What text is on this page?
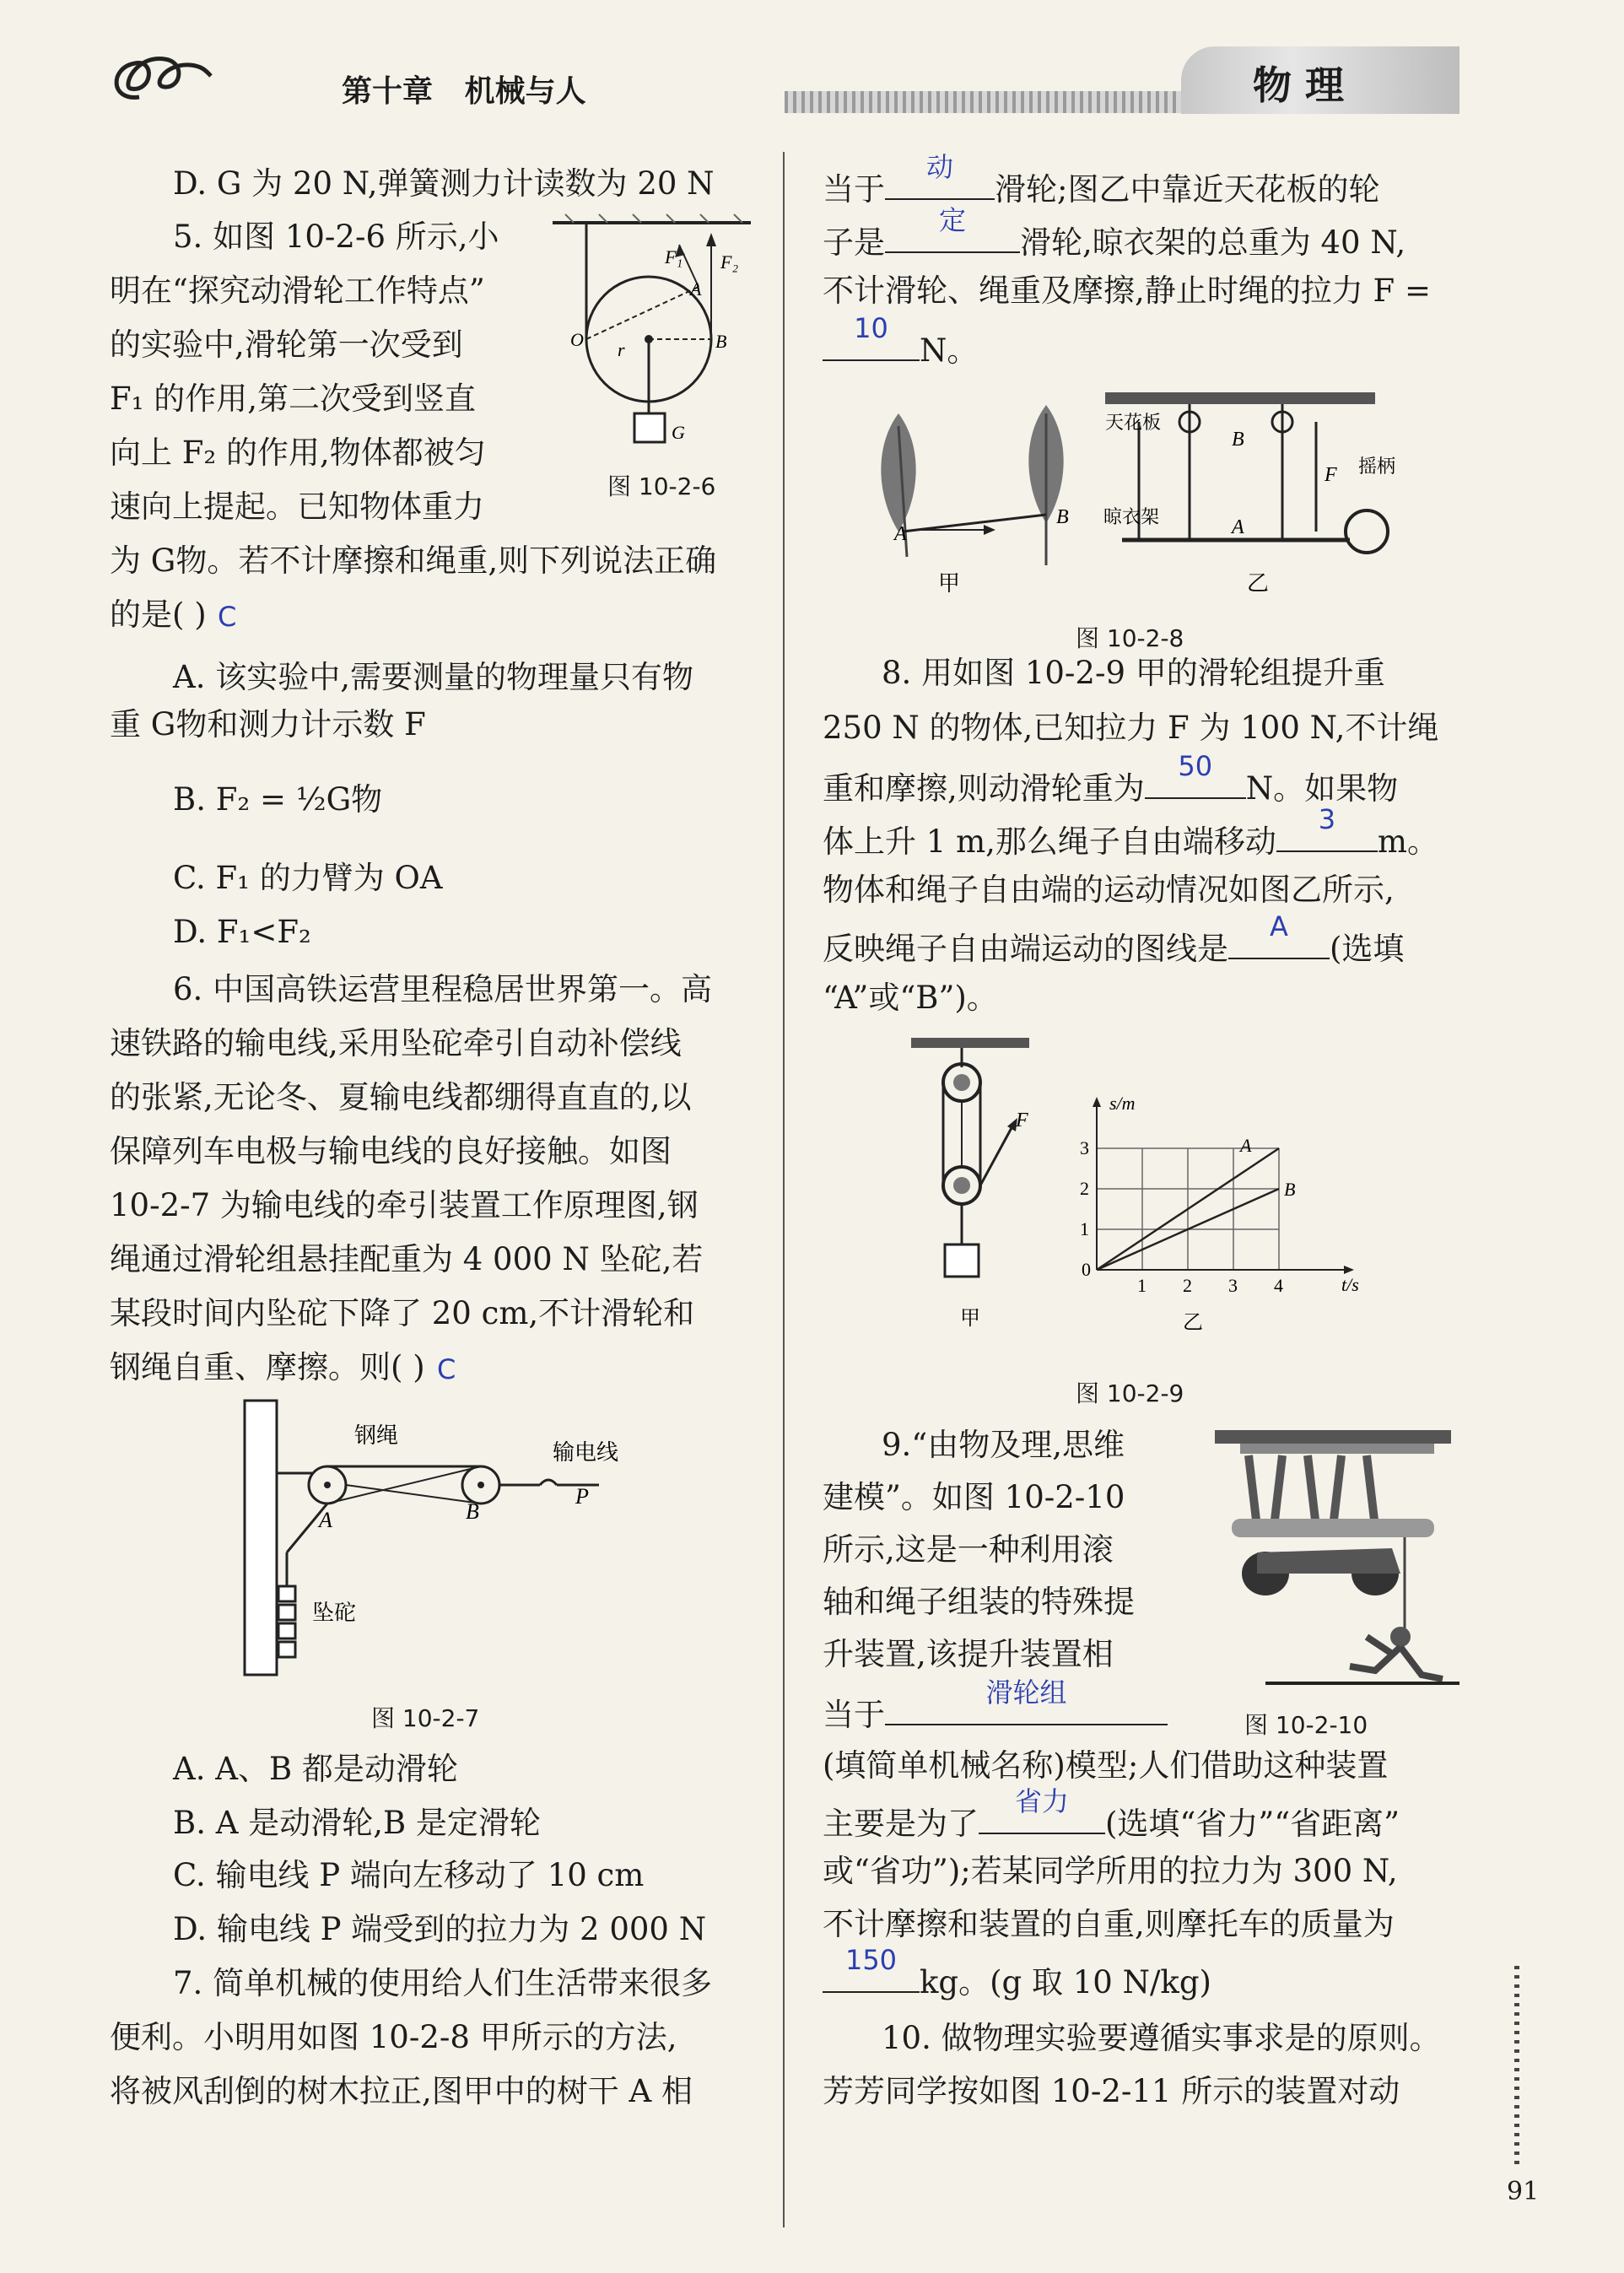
第十章 机械与人	物 理
D. G 为 20 N,弹簧测力计读数为 20 N
5. 如图 10-2-6 所示,小
明在“探究动滑轮工作特点”
的实验中,滑轮第一次受到
F₁ 的作用,第二次受到竖直
向上 F₂ 的作用,物体都被匀
速向上提起。已知物体重力
为 G物。若不计摩擦和绳重,则下列说法正确
的是( ) C
F₁ F₂
A
O r	B
G
图 10-2-6
A. 该实验中,需要测量的物理量只有物
重 G物和测力计示数 F
B. F₂ = ½G物
C. F₁ 的力臂为 OA
D. F₁<F₂
6. 中国高铁运营里程稳居世界第一。高
速铁路的输电线,采用坠砣牵引自动补偿线
的张紧,无论冬、夏输电线都绷得直直的,以
保障列车电极与输电线的良好接触。如图
10-2-7 为输电线的牵引装置工作原理图,钢
绳通过滑轮组悬挂配重为 4 000 N 坠砣,若
某段时间内坠砣下降了 20 cm,不计滑轮和
钢绳自重、摩擦。则( ) C
钢绳
输电线
P
A	B
坠砣
图 10-2-7
A. A、B 都是动滑轮
B. A 是动滑轮,B 是定滑轮
C. 输电线 P 端向左移动了 10 cm
D. 输电线 P 端受到的拉力为 2 000 N
7. 简单机械的使用给人们生活带来很多
便利。小明用如图 10-2-8 甲所示的方法,
将被风刮倒的树木拉正,图甲中的树干 A 相
当于
动
滑轮;图乙中靠近天花板的轮
子是
定
滑轮,晾衣架的总重为 40 N,
不计滑轮、绳重及摩擦,静止时绳的拉力 F =
10
N。
A
B
甲
天花板
B
摇柄
F
晾衣架	A
乙
图 10-2-8
8. 用如图 10-2-9 甲的滑轮组提升重
250 N 的物体,已知拉力 F 为 100 N,不计绳
重和摩擦,则动滑轮重为
50
N。如果物
体上升 1 m,那么绳子自由端移动
3
m。
物体和绳子自由端的运动情况如图乙所示,
反映绳子自由端运动的图线是
A
(选填
“A”或“B”)。
F
甲
s/m
t/s
0
乙
1 2 3 4
1
2
3	A
B
图 10-2-9
9.“由物及理,思维
建模”。如图 10-2-10
所示,这是一种利用滚
轴和绳子组装的特殊提
升装置,该提升装置相
当于
滑轮组
图 10-2-10
(填简单机械名称)模型;人们借助这种装置
主要是为了
省力
(选填“省力”“省距离”
或“省功”);若某同学所用的拉力为 300 N,
不计摩擦和装置的自重,则摩托车的质量为
150
kg。(g 取 10 N/kg)
10. 做物理实验要遵循实事求是的原则。
芳芳同学按如图 10-2-11 所示的装置对动
91
